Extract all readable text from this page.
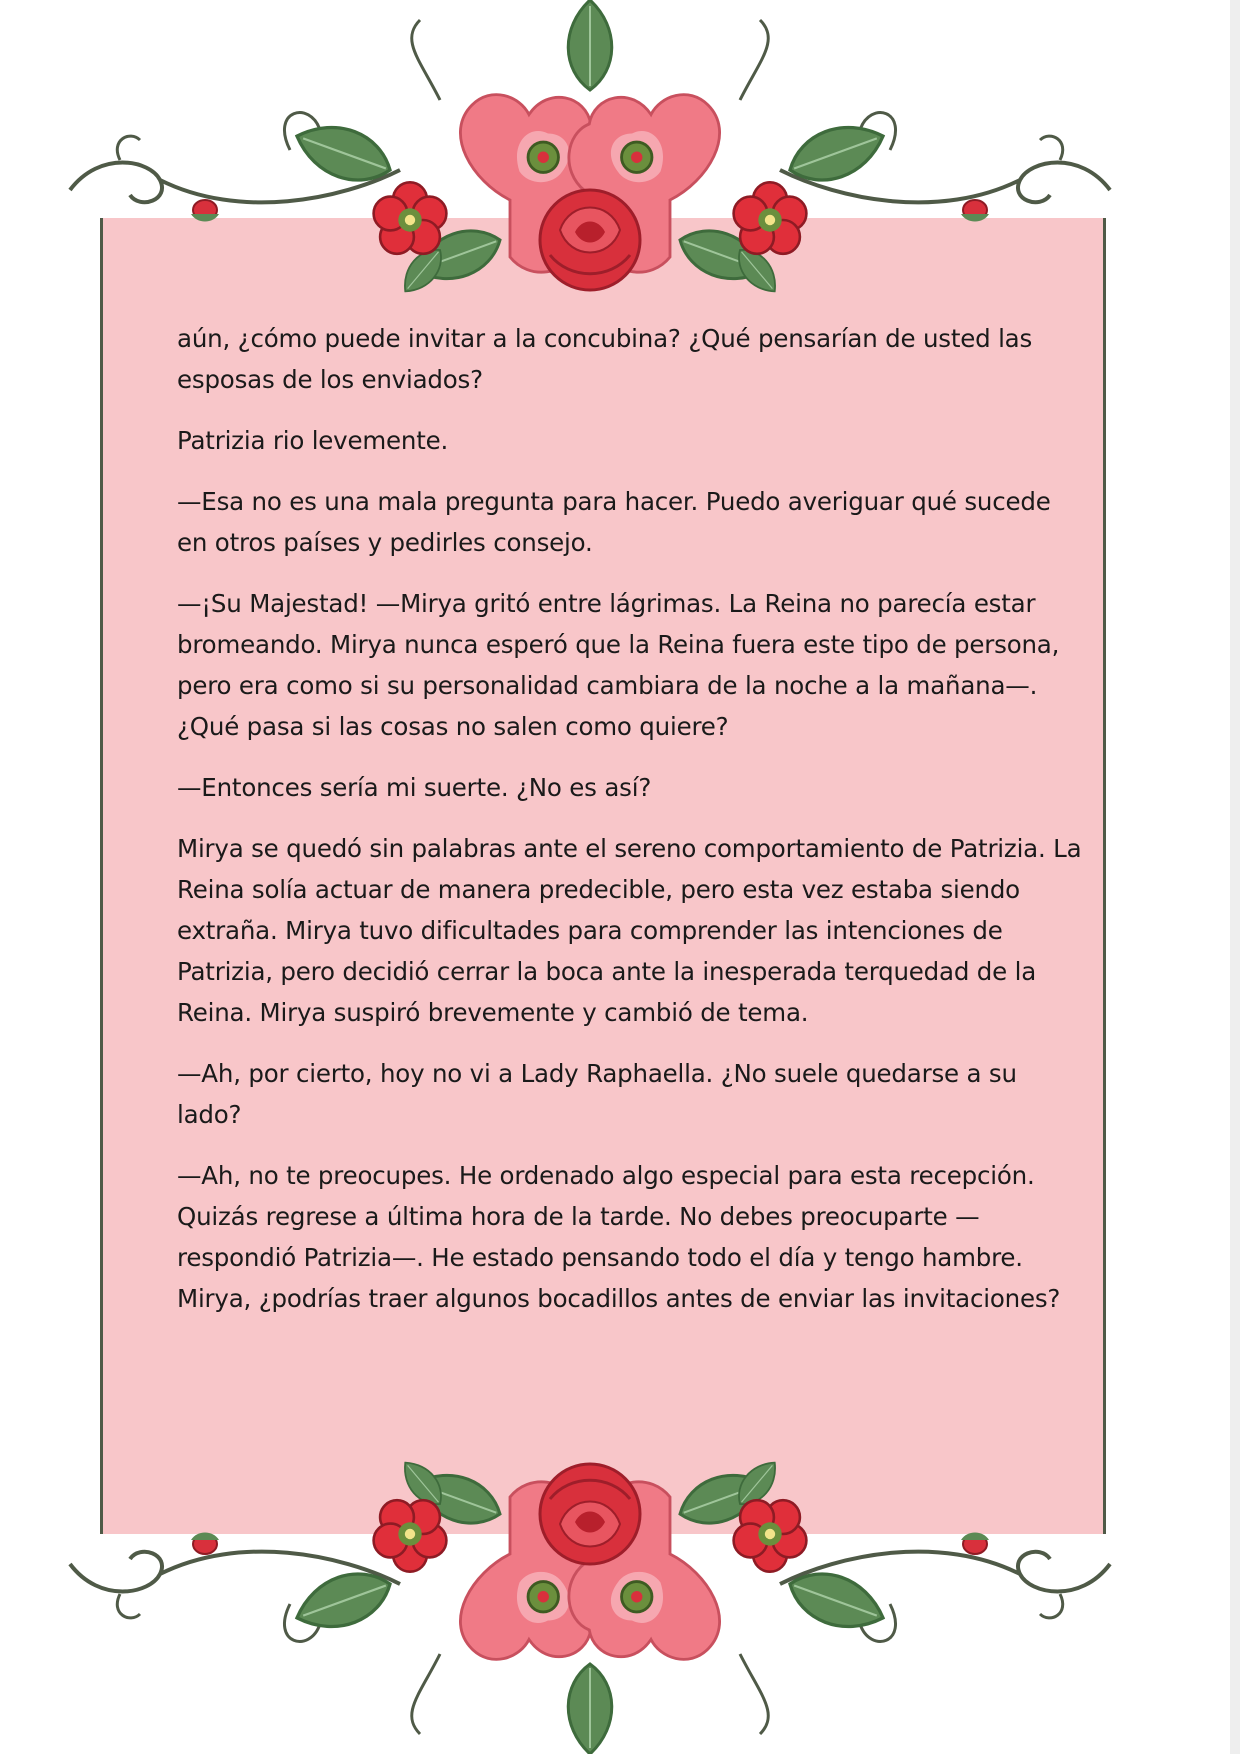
aún, ¿cómo puede invitar a la concubina? ¿Qué pensarían de usted las esposas de los enviados?

Patrizia rio levemente.

—Esa no es una mala pregunta para hacer. Puedo averiguar qué sucede en otros países y pedirles consejo.

—¡Su Majestad! —Mirya gritó entre lágrimas. La Reina no parecía estar bromeando. Mirya nunca esperó que la Reina fuera este tipo de persona, pero era como si su personalidad cambiara de la noche a la mañana—. ¿Qué pasa si las cosas no salen como quiere?

—Entonces sería mi suerte. ¿No es así?

Mirya se quedó sin palabras ante el sereno comportamiento de Patrizia. La Reina solía actuar de manera predecible, pero esta vez estaba siendo extraña. Mirya tuvo dificultades para comprender las intenciones de Patrizia, pero decidió cerrar la boca ante la inesperada terquedad de la Reina. Mirya suspiró brevemente y cambió de tema.

—Ah, por cierto, hoy no vi a Lady Raphaella. ¿No suele quedarse a su lado?

—Ah, no te preocupes. He ordenado algo especial para esta recepción. Quizás regrese a última hora de la tarde. No debes preocuparte —respondió Patrizia—. He estado pensando todo el día y tengo hambre. Mirya, ¿podrías traer algunos bocadillos antes de enviar las invitaciones?
